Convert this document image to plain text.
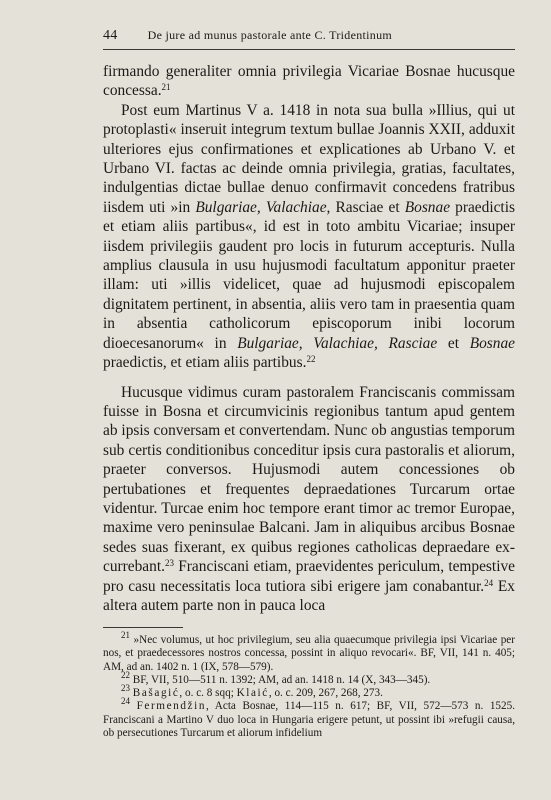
44	De jure ad munus pastorale ante C. Tridentinum

firmando generaliter omnia privilegia Vicariae Bosnae hucusque concessa.$^{21}$

Post eum Martinus V a. 1418 in nota sua bulla »Illius, qui ut protoplasti« inseruit integrum textum bullae Joannis XXII, adduxit ulteriores ejus confirmationes et explicationes ab Urbano V. et Urbano VI. factas ac deinde omnia privilegia, gratias, facultates, indulgentias dictae bullae denuo confirmavit concedens fratribus iisdem uti »in Bulgariae, Valachiae, Rasciae et Bosnae praedictis et etiam aliis partibus«, id est in toto ambitu Vicariae; insuper iisdem privilegiis gaudent pro locis in futurum accepturis. Nulla amplius clausula in usu hujusmodi facultatum apponitur praeter illam: uti »illis videlicet, quae ad hujusmodi episcopalem dignitatem pertinent, in absentia, aliis vero tam in praesentia quam in absentia catholicorum episcoporum inibi locorum dioecesanorum« in Bulgariae, Valachiae, Rasciae et Bosnae praedictis, et etiam aliis partibus.$^{22}$

Hucusque vidimus curam pastoralem Franciscanis commissam fuisse in Bosna et circumvicinis regionibus tantum apud gentem ab ipsis conversam et convertendam. Nunc ob angustias temporum sub certis conditionibus conceditur ipsis cura pastoralis et aliorum, praeter conversos. Hujusmodi autem concessiones ob pertubationes et frequentes depraedationes Turcarum ortae videntur. Turcae enim hoc tempore erant timor ac tremor Europae, maxime vero peninsulae Balcani. Jam in aliquibus arcibus Bosnae sedes suas fixerant, ex quibus regiones catholicas depraedare excurrebant.$^{23}$ Franciscani etiam, praevidentes periculum, tempestive pro casu necessitatis loca tutiora sibi erigere jam conabantur.$^{24}$ Ex altera autem parte non in pauca loca

$^{21}$ »Nec volumus, ut hoc privilegium, seu alia quaecumque privilegia ipsi Vicariae per nos, et praedecessores nostros concessa, possint in aliquo revocari«. BF, VII, 141 n. 405; AM, ad an. 1402 n. 1 (IX, 578—579).

$^{22}$ BF, VII, 510—511 n. 1392; AM, ad an. 1418 n. 14 (X, 343—345).

$^{23}$ Bašagić, o. c. 8 sqq; Klaić, o. c. 209, 267, 268, 273.

$^{24}$ Fermendžin, Acta Bosnae, 114—115 n. 617; BF, VII, 572—573 n. 1525. Franciscani a Martino V duo loca in Hungaria erigere petunt, ut possint ibi »refugii causa, ob persecutiones Turcarum et aliorum infidelium
